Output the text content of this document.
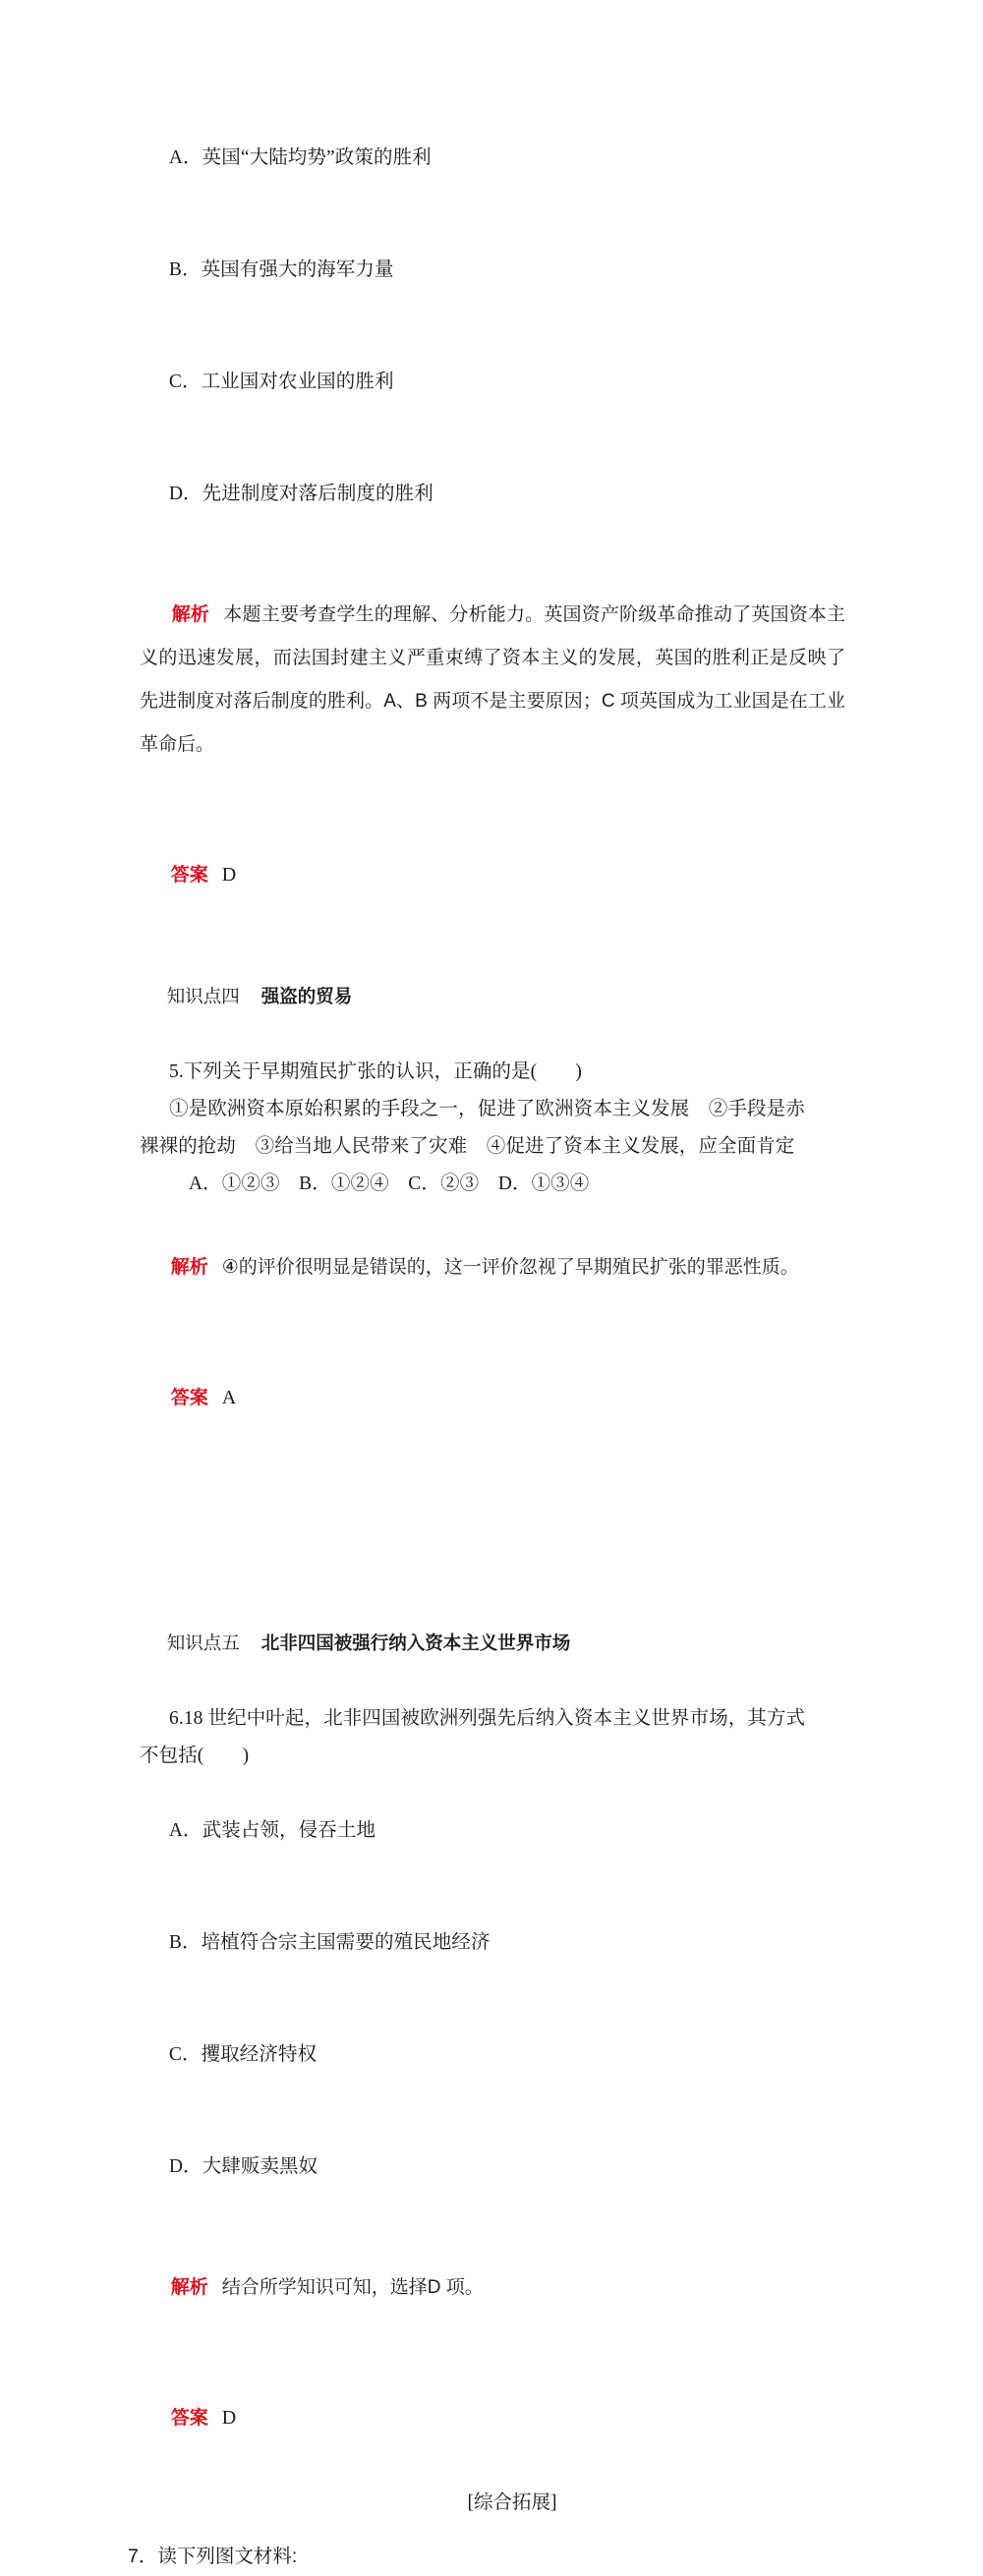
A．英国“大陆均势”政策的胜利

B．英国有强大的海军力量

C．工业国对农业国的胜利

D．先进制度对落后制度的胜利

解析 本题主要考查学生的理解、分析能力。英国资产阶级革命推动了英国资本主义的迅速发展，而法国封建主义严重束缚了资本主义的发展，英国的胜利正是反映了先进制度对落后制度的胜利。A、B 两项不是主要原因；C 项英国成为工业国是在工业革命后。

答案 D

知识点四 强盗的贸易

5.下列关于早期殖民扩张的认识，正确的是(　　)
①是欧洲资本原始积累的手段之一，促进了欧洲资本主义发展　②手段是赤
裸裸的抢劫　③给当地人民带来了灾难　④促进了资本主义发展，应全面肯定
A．①②③　B．①②④　C．②③　D．①③④

解析 ④的评价很明显是错误的，这一评价忽视了早期殖民扩张的罪恶性质。

答案 A

知识点五 北非四国被强行纳入资本主义世界市场

6.18 世纪中叶起，北非四国被欧洲列强先后纳入资本主义世界市场，其方式
不包括(　　)

A．武装占领，侵吞土地

B．培植符合宗主国需要的殖民地经济

C．攫取经济特权

D．大肆贩卖黑奴

解析 结合所学知识可知，选择D 项。

答案 D

[综合拓展]
7．读下列图文材料:
